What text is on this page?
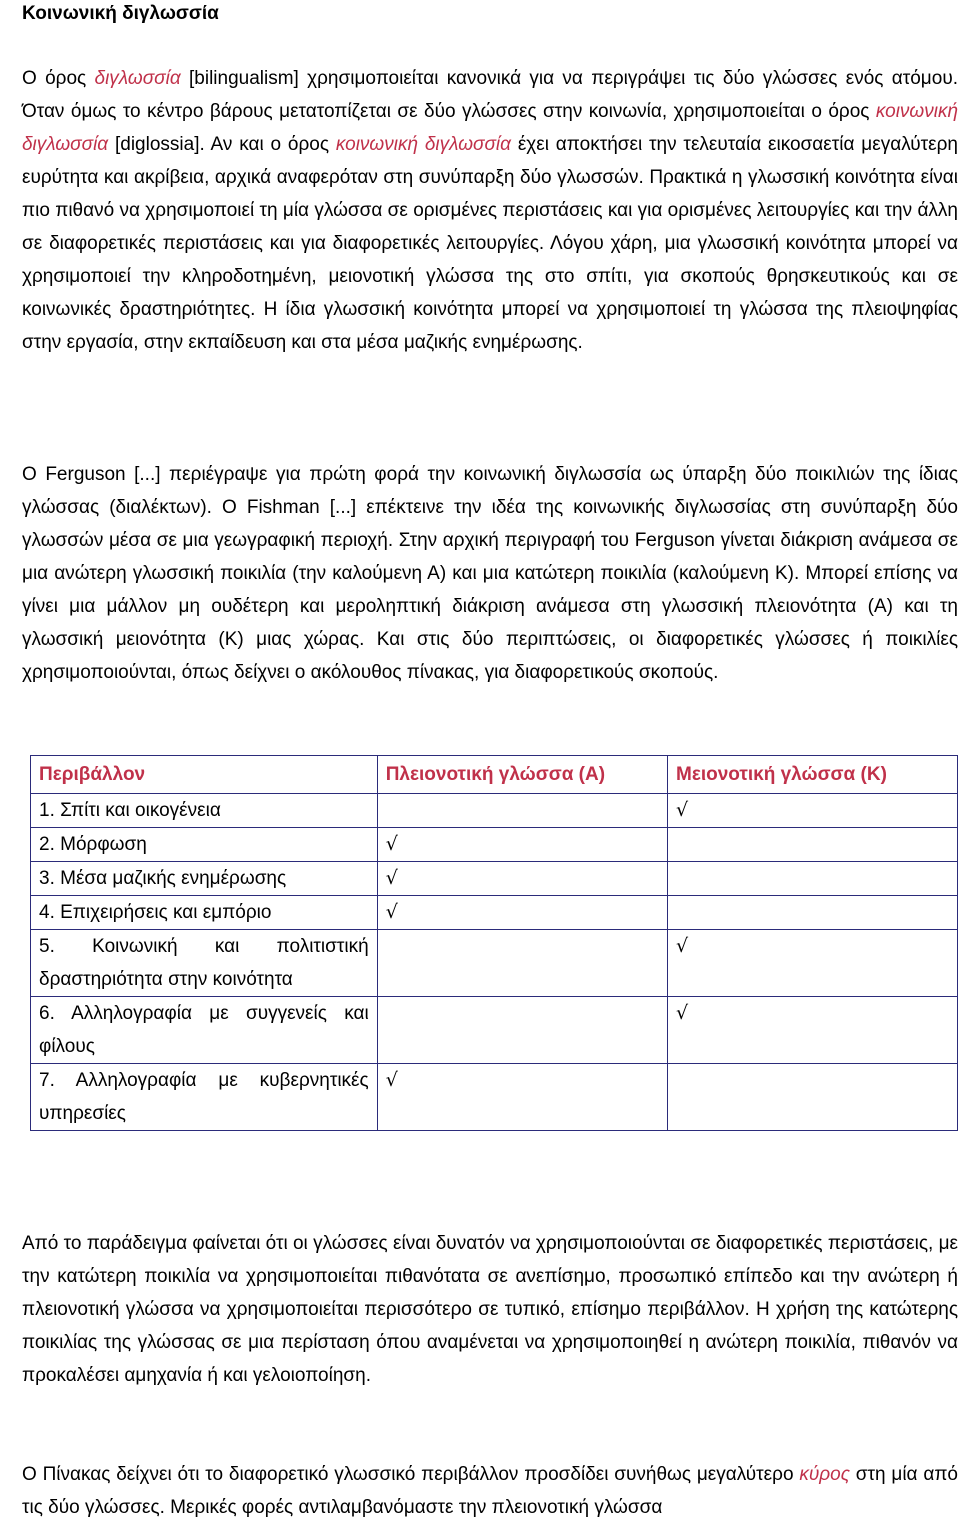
Κοινωνική διγλωσσία
Ο όρος διγλωσσία [bilingualism] χρησιμοποιείται κανονικά για να περιγράψει τις δύο γλώσσες ενός ατόμου. Όταν όμως το κέντρο βάρους μετατοπίζεται σε δύο γλώσσες στην κοινωνία, χρησιμοποιείται ο όρος κοινωνική διγλωσσία [diglossia]. Αν και ο όρος κοινωνική διγλωσσία έχει αποκτήσει την τελευταία εικοσαετία μεγαλύτερη ευρύτητα και ακρίβεια, αρχικά αναφερόταν στη συνύπαρξη δύο γλωσσών. Πρακτικά η γλωσσική κοινότητα είναι πιο πιθανό να χρησιμοποιεί τη μία γλώσσα σε ορισμένες περιστάσεις και για ορισμένες λειτουργίες και την άλλη σε διαφορετικές περιστάσεις και για διαφορετικές λειτουργίες. Λόγου χάρη, μια γλωσσική κοινότητα μπορεί να χρησιμοποιεί την κληροδοτημένη, μειονοτική γλώσσα της στο σπίτι, για σκοπούς θρησκευτικούς και σε κοινωνικές δραστηριότητες. Η ίδια γλωσσική κοινότητα μπορεί να χρησιμοποιεί τη γλώσσα της πλειοψηφίας στην εργασία, στην εκπαίδευση και στα μέσα μαζικής ενημέρωσης.
Ο Ferguson [...] περιέγραψε για πρώτη φορά την κοινωνική διγλωσσία ως ύπαρξη δύο ποικιλιών της ίδιας γλώσσας (διαλέκτων). Ο Fishman [...] επέκτεινε την ιδέα της κοινωνικής διγλωσσίας στη συνύπαρξη δύο γλωσσών μέσα σε μια γεωγραφική περιοχή. Στην αρχική περιγραφή του Ferguson γίνεται διάκριση ανάμεσα σε μια ανώτερη γλωσσική ποικιλία (την καλούμενη Α) και μια κατώτερη ποικιλία (καλούμενη Κ). Μπορεί επίσης να γίνει μια μάλλον μη ουδέτερη και μεροληπτική διάκριση ανάμεσα στη γλωσσική πλειονότητα (Α) και τη γλωσσική μειονότητα (Κ) μιας χώρας. Και στις δύο περιπτώσεις, οι διαφορετικές γλώσσες ή ποικιλίες χρησιμοποιούνται, όπως δείχνει ο ακόλουθος πίνακας, για διαφορετικούς σκοπούς.
Περιβάλλον	Πλειονοτική γλώσσα (Α)	Μειονοτική γλώσσα (Κ)
1. Σπίτι και οικογένεια		√
2. Μόρφωση	√	
3. Μέσα μαζικής ενημέρωσης	√	
4. Επιχειρήσεις και εμπόριο	√	
5. Κοινωνική και πολιτιστική δραστηριότητα στην κοινότητα		√
6. Αλληλογραφία με συγγενείς και φίλους		√
7. Αλληλογραφία με κυβερνητικές υπηρεσίες	√	
Από το παράδειγμα φαίνεται ότι οι γλώσσες είναι δυνατόν να χρησιμοποιούνται σε διαφορετικές περιστάσεις, με την κατώτερη ποικιλία να χρησιμοποιείται πιθανότατα σε ανεπίσημο, προσωπικό επίπεδο και την ανώτερη ή πλειονοτική γλώσσα να χρησιμοποιείται περισσότερο σε τυπικό, επίσημο περιβάλλον. Η χρήση της κατώτερης ποικιλίας της γλώσσας σε μια περίσταση όπου αναμένεται να χρησιμοποιηθεί η ανώτερη ποικιλία, πιθανόν να προκαλέσει αμηχανία ή και γελοιοποίηση.
Ο Πίνακας δείχνει ότι το διαφορετικό γλωσσικό περιβάλλον προσδίδει συνήθως μεγαλύτερο κύρος στη μία από τις δύο γλώσσες. Μερικές φορές αντιλαμβανόμαστε την πλειονοτική γλώσσα
